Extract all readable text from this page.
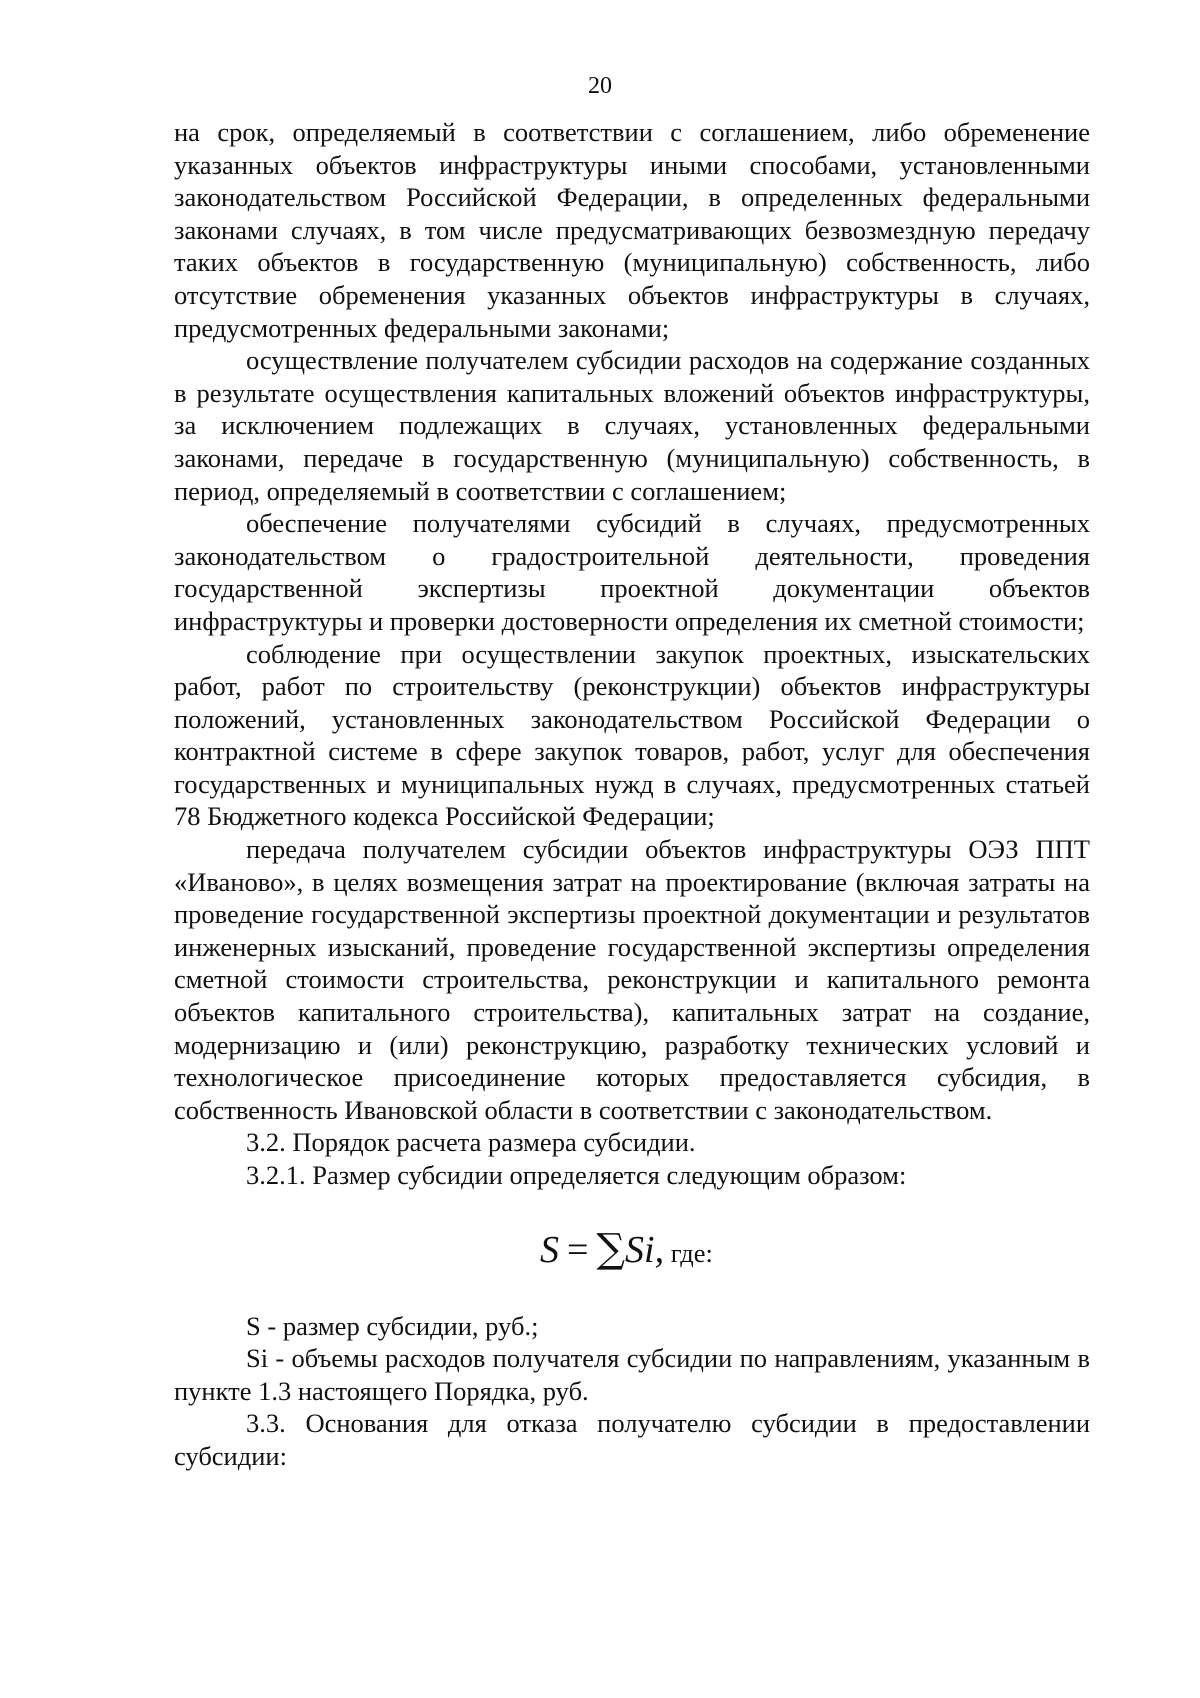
20

на срок, определяемый в соответствии с соглашением, либо обременение указанных объектов инфраструктуры иными способами, установленными законодательством Российской Федерации, в определенных федеральными законами случаях, в том числе предусматривающих безвозмездную передачу таких объектов в государственную (муниципальную) собственность, либо отсутствие обременения указанных объектов инфраструктуры в случаях, предусмотренных федеральными законами;

осуществление получателем субсидии расходов на содержание созданных в результате осуществления капитальных вложений объектов инфраструктуры, за исключением подлежащих в случаях, установленных федеральными законами, передаче в государственную (муниципальную) собственность, в период, определяемый в соответствии с соглашением;

обеспечение получателями субсидий в случаях, предусмотренных законодательством о градостроительной деятельности, проведения государственной экспертизы проектной документации объектов инфраструктуры и проверки достоверности определения их сметной стоимости;

соблюдение при осуществлении закупок проектных, изыскательских работ, работ по строительству (реконструкции) объектов инфраструктуры положений, установленных законодательством Российской Федерации о контрактной системе в сфере закупок товаров, работ, услуг для обеспечения государственных и муниципальных нужд в случаях, предусмотренных статьей 78 Бюджетного кодекса Российской Федерации;

передача получателем субсидии объектов инфраструктуры ОЭЗ ППТ «Иваново», в целях возмещения затрат на проектирование (включая затраты на проведение государственной экспертизы проектной документации и результатов инженерных изысканий, проведение государственной экспертизы определения сметной стоимости строительства, реконструкции и капитального ремонта объектов капитального строительства), капитальных затрат на создание, модернизацию и (или) реконструкцию, разработку технических условий и технологическое присоединение которых предоставляется субсидия, в собственность Ивановской области в соответствии с законодательством.

3.2. Порядок расчета размера субсидии.

3.2.1. Размер субсидии определяется следующим образом:

S = ∑Si, где:

S - размер субсидии, руб.;

Si - объемы расходов получателя субсидии по направлениям, указанным в пункте 1.3 настоящего Порядка, руб.

3.3. Основания для отказа получателю субсидии в предоставлении субсидии:
